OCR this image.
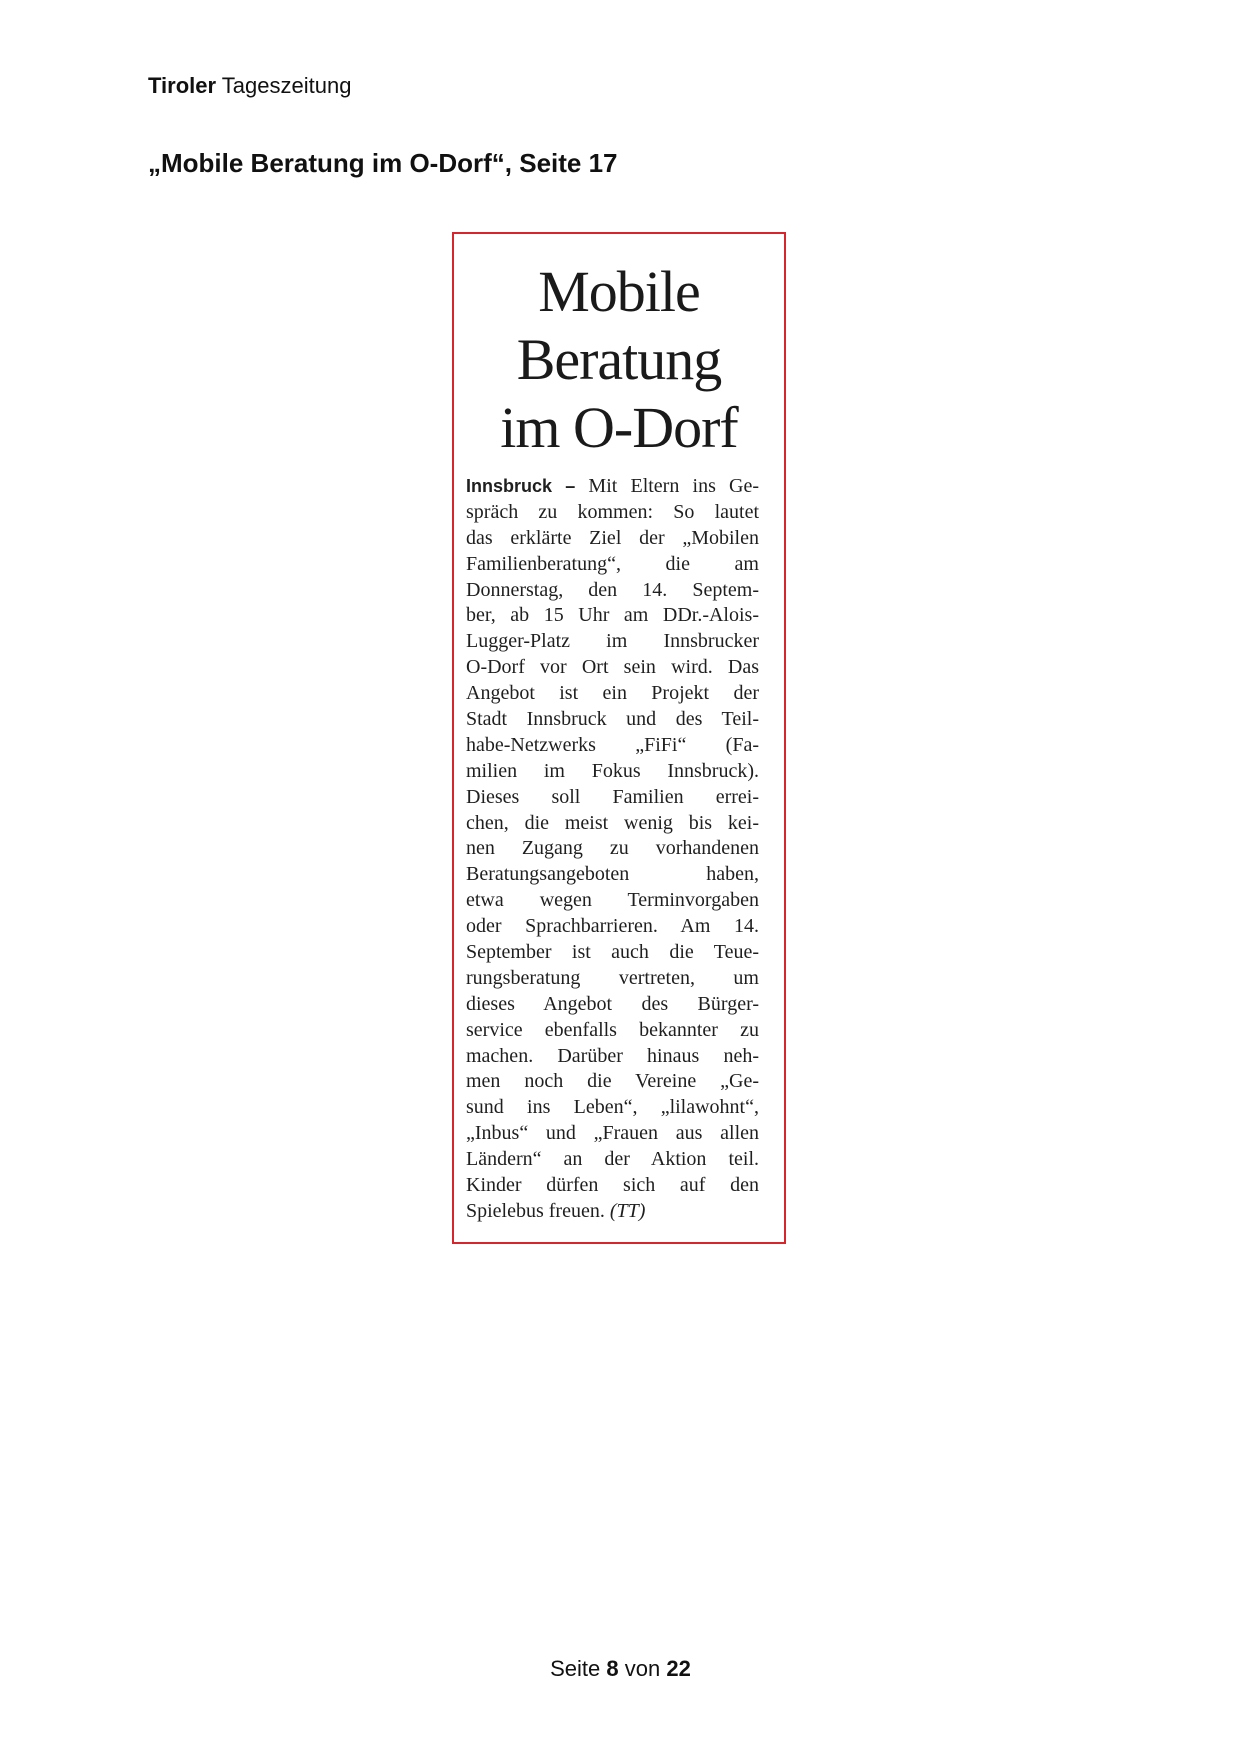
Tiroler Tageszeitung
„Mobile Beratung im O-Dorf“, Seite 17
Mobile
Beratung
im O-Dorf
Innsbruck – Mit Eltern ins Ge-
spräch zu kommen: So lautet
das erklärte Ziel der „Mobilen
Familienberatung“, die am
Donnerstag, den 14. Septem-
ber, ab 15 Uhr am DDr.-Alois-
Lugger-Platz im Innsbrucker
O-Dorf vor Ort sein wird. Das
Angebot ist ein Projekt der
Stadt Innsbruck und des Teil-
habe-Netzwerks „FiFi“ (Fa-
milien im Fokus Innsbruck).
Dieses soll Familien errei-
chen, die meist wenig bis kei-
nen Zugang zu vorhandenen
Beratungsangeboten haben,
etwa wegen Terminvorgaben
oder Sprachbarrieren. Am 14.
September ist auch die Teue-
rungsberatung vertreten, um
dieses Angebot des Bürger-
service ebenfalls bekannter zu
machen. Darüber hinaus neh-
men noch die Vereine „Ge-
sund ins Leben“, „lilawohnt“,
„Inbus“ und „Frauen aus allen
Ländern“ an der Aktion teil.
Kinder dürfen sich auf den
Spielebus freuen. (TT)
Seite 8 von 22
